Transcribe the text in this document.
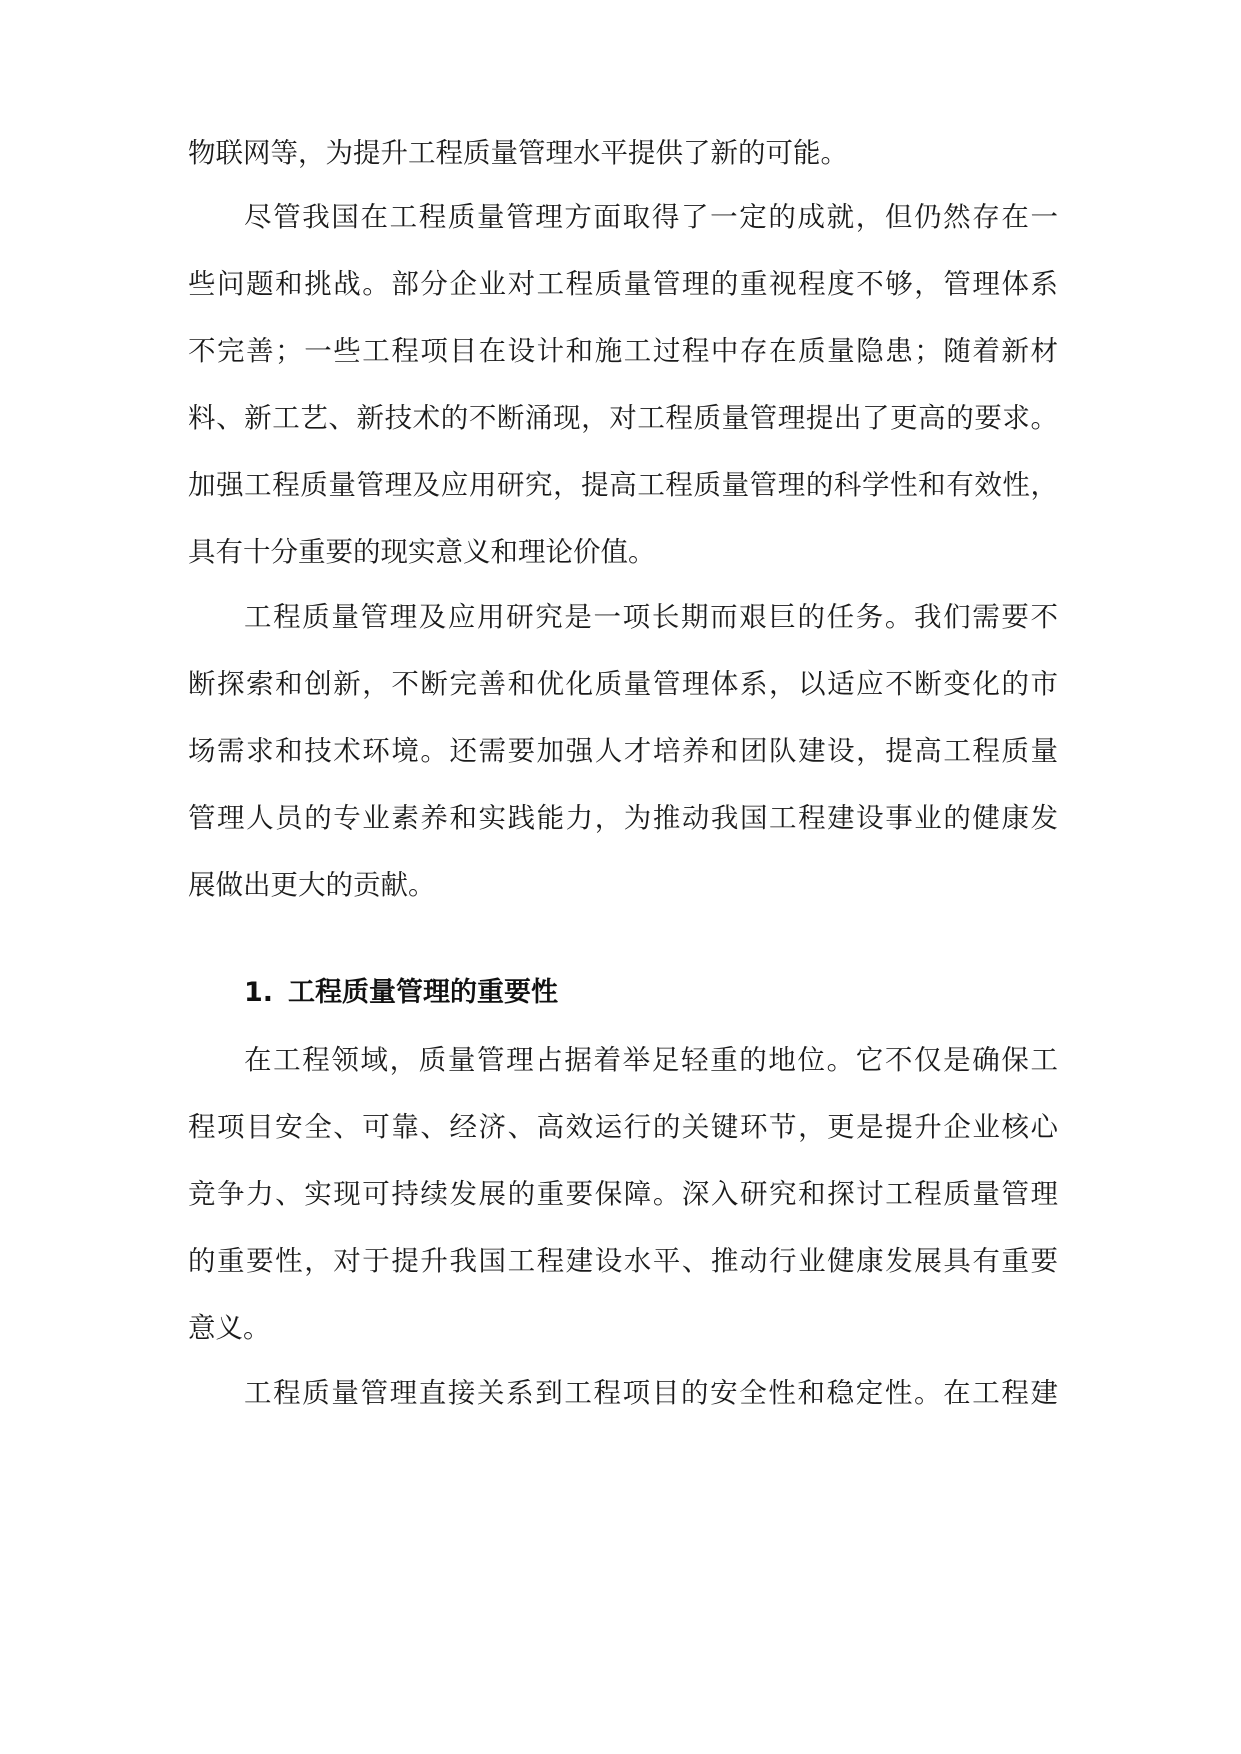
物联网等，为提升工程质量管理水平提供了新的可能。
尽管我国在工程质量管理方面取得了一定的成就，但仍然存在一
些问题和挑战。部分企业对工程质量管理的重视程度不够，管理体系
不完善；一些工程项目在设计和施工过程中存在质量隐患；随着新材
料、新工艺、新技术的不断涌现，对工程质量管理提出了更高的要求。
加强工程质量管理及应用研究，提高工程质量管理的科学性和有效性，
具有十分重要的现实意义和理论价值。
工程质量管理及应用研究是一项长期而艰巨的任务。我们需要不
断探索和创新，不断完善和优化质量管理体系，以适应不断变化的市
场需求和技术环境。还需要加强人才培养和团队建设，提高工程质量
管理人员的专业素养和实践能力，为推动我国工程建设事业的健康发
展做出更大的贡献。
1. 工程质量管理的重要性
在工程领域，质量管理占据着举足轻重的地位。它不仅是确保工
程项目安全、可靠、经济、高效运行的关键环节，更是提升企业核心
竞争力、实现可持续发展的重要保障。深入研究和探讨工程质量管理
的重要性，对于提升我国工程建设水平、推动行业健康发展具有重要
意义。
工程质量管理直接关系到工程项目的安全性和稳定性。在工程建
